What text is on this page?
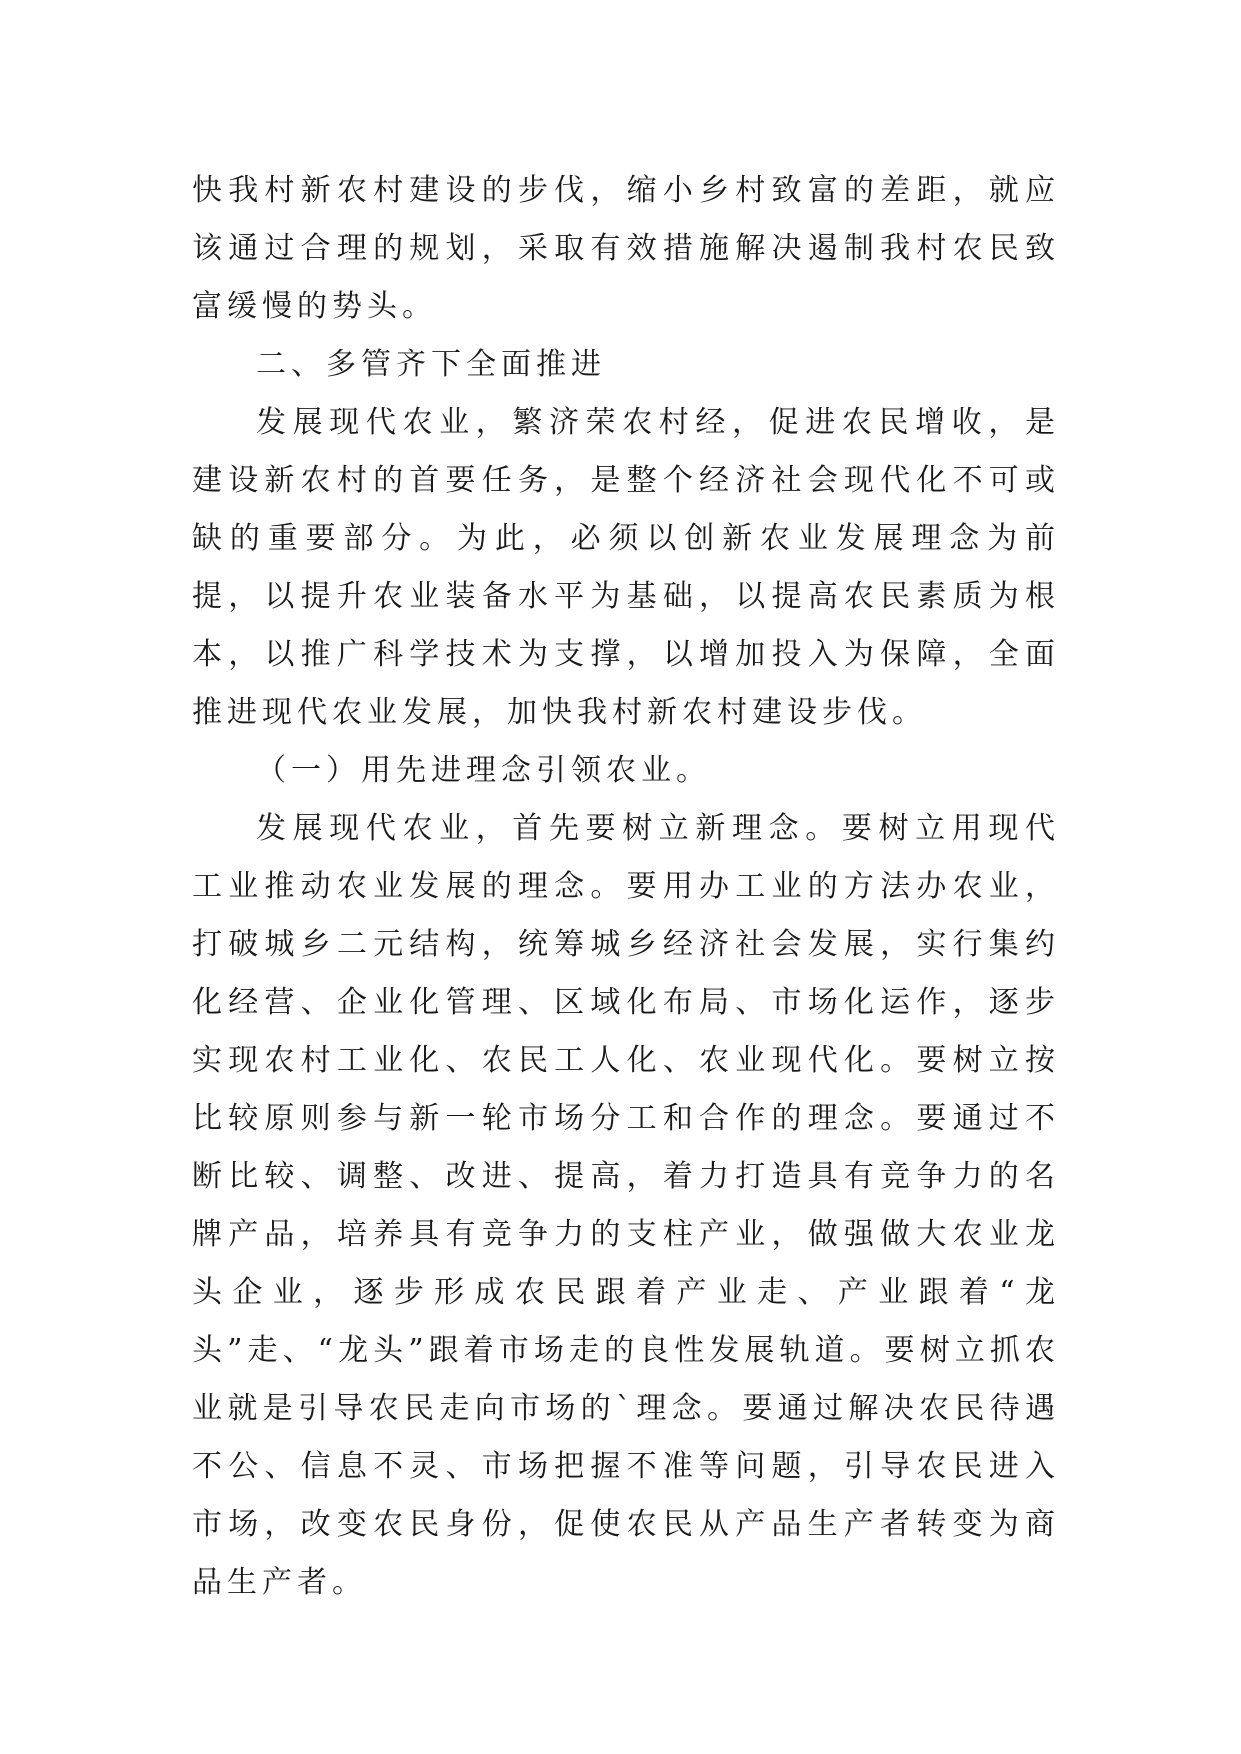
快我村新农村建设的步伐，缩小乡村致富的差距，就应该通过合理的规划，采取有效措施解决遏制我村农民致富缓慢的势头。

二、多管齐下全面推进

发展现代农业，繁济荣农村经，促进农民增收，是建设新农村的首要任务，是整个经济社会现代化不可或缺的重要部分。为此，必须以创新农业发展理念为前提，以提升农业装备水平为基础，以提高农民素质为根本，以推广科学技术为支撑，以增加投入为保障，全面推进现代农业发展，加快我村新农村建设步伐。

（一）用先进理念引领农业。

发展现代农业，首先要树立新理念。要树立用现代工业推动农业发展的理念。要用办工业的方法办农业，打破城乡二元结构，统筹城乡经济社会发展，实行集约化经营、企业化管理、区域化布局、市场化运作，逐步实现农村工业化、农民工人化、农业现代化。要树立按比较原则参与新一轮市场分工和合作的理念。要通过不断比较、调整、改进、提高，着力打造具有竞争力的名牌产品，培养具有竞争力的支柱产业，做强做大农业龙头企业，逐步形成农民跟着产业走、产业跟着“龙头”走、“龙头”跟着市场走的良性发展轨道。要树立抓农业就是引导农民走向市场的`理念。要通过解决农民待遇不公、信息不灵、市场把握不准等问题，引导农民进入市场，改变农民身份，促使农民从产品生产者转变为商品生产者。
